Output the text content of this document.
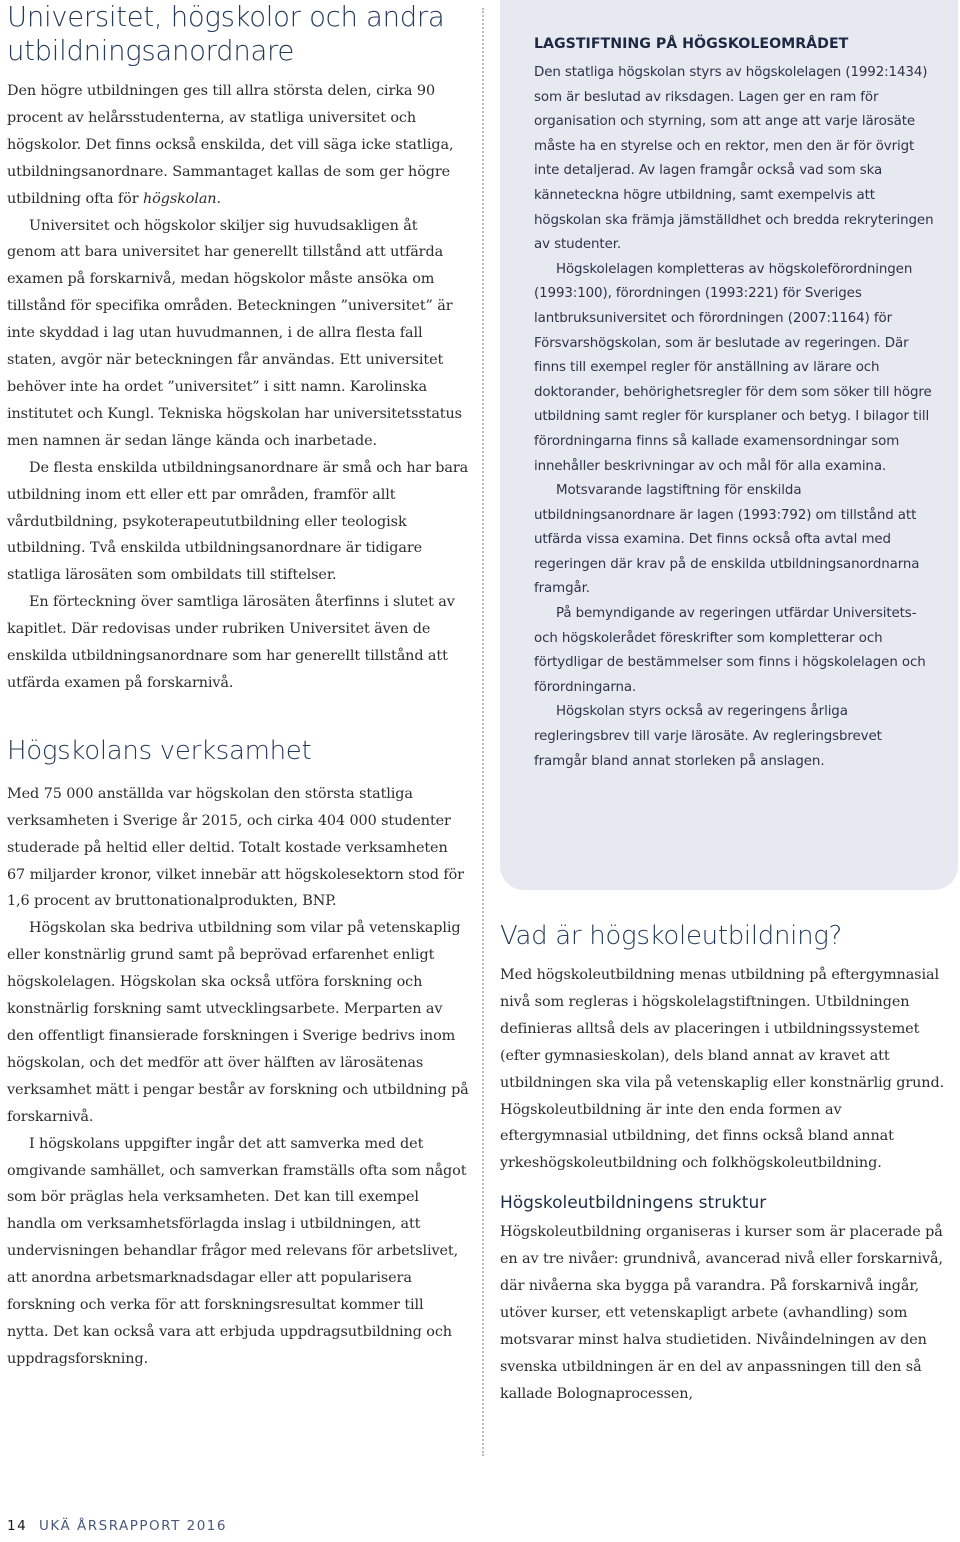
Universitet, högskolor och andra utbildningsanordnare

Den högre utbildningen ges till allra största delen, cirka 90 procent av helårsstudenterna, av statliga universitet och högskolor. Det finns också enskilda, det vill säga icke statliga, utbildningsanordnare. Sammantaget kallas de som ger högre utbildning ofta för högskolan.

Universitet och högskolor skiljer sig huvudsakligen åt genom att bara universitet har generellt tillstånd att utfärda examen på forskarnivå, medan högskolor måste ansöka om tillstånd för specifika områden. Beteckningen ”universitet” är inte skyddad i lag utan huvudmannen, i de allra flesta fall staten, avgör när beteckningen får användas. Ett universitet behöver inte ha ordet ”universitet” i sitt namn. Karolinska institutet och Kungl. Tekniska högskolan har universitetsstatus men namnen är sedan länge kända och inarbetade.

De flesta enskilda utbildningsanordnare är små och har bara utbildning inom ett eller ett par områden, framför allt vårdutbildning, psykoterapeututbildning eller teologisk utbildning. Två enskilda utbildningsanordnare är tidigare statliga lärosäten som ombildats till stiftelser.

En förteckning över samtliga lärosäten återfinns i slutet av kapitlet. Där redovisas under rubriken Universitet även de enskilda utbildningsanordnare som har generellt tillstånd att utfärda examen på forskarnivå.

Högskolans verksamhet

Med 75 000 anställda var högskolan den största statliga verksamheten i Sverige år 2015, och cirka 404 000 studenter studerade på heltid eller deltid. Totalt kostade verksamheten 67 miljarder kronor, vilket innebär att högskolesektorn stod för 1,6 procent av bruttonationalprodukten, BNP.

Högskolan ska bedriva utbildning som vilar på vetenskaplig eller konstnärlig grund samt på beprövad erfarenhet enligt högskolelagen. Högskolan ska också utföra forskning och konstnärlig forskning samt utvecklingsarbete. Merparten av den offentligt finansierade forskningen i Sverige bedrivs inom högskolan, och det medför att över hälften av lärosätenas verksamhet mätt i pengar består av forskning och utbildning på forskarnivå.

I högskolans uppgifter ingår det att samverka med det omgivande samhället, och samverkan framställs ofta som något som bör präglas hela verksamheten. Det kan till exempel handla om verksamhetsförlagda inslag i utbildningen, att undervisningen behandlar frågor med relevans för arbetslivet, att anordna arbetsmarknadsdagar eller att popularisera forskning och verka för att forskningsresultat kommer till nytta. Det kan också vara att erbjuda uppdragsutbildning och uppdragsforskning.

LAGSTIFTNING PÅ HÖGSKOLEOMRÅDET

Den statliga högskolan styrs av högskolelagen (1992:1434) som är beslutad av riksdagen. Lagen ger en ram för organisation och styrning, som att ange att varje lärosäte måste ha en styrelse och en rektor, men den är för övrigt inte detaljerad. Av lagen framgår också vad som ska känneteckna högre utbildning, samt exempelvis att högskolan ska främja jämställdhet och bredda rekryteringen av studenter.

Högskolelagen kompletteras av högskoleförordningen (1993:100), förordningen (1993:221) för Sveriges lantbruksuniversitet och förordningen (2007:1164) för Försvarshögskolan, som är beslutade av regeringen. Där finns till exempel regler för anställning av lärare och doktorander, behörighetsregler för dem som söker till högre utbildning samt regler för kursplaner och betyg. I bilagor till förordningarna finns så kallade examensordningar som innehåller beskrivningar av och mål för alla examina.

Motsvarande lagstiftning för enskilda utbildningsanordnare är lagen (1993:792) om tillstånd att utfärda vissa examina. Det finns också ofta avtal med regeringen där krav på de enskilda utbildningsanordnarna framgår.

På bemyndigande av regeringen utfärdar Universitets- och högskolerådet föreskrifter som kompletterar och förtydligar de bestämmelser som finns i högskolelagen och förordningarna.

Högskolan styrs också av regeringens årliga regleringsbrev till varje lärosäte. Av regleringsbrevet framgår bland annat storleken på anslagen.

Vad är högskoleutbildning?

Med högskoleutbildning menas utbildning på eftergymnasial nivå som regleras i högskolelagstiftningen. Utbildningen definieras alltså dels av placeringen i utbildningssystemet (efter gymnasieskolan), dels bland annat av kravet att utbildningen ska vila på vetenskaplig eller konstnärlig grund. Högskoleutbildning är inte den enda formen av eftergymnasial utbildning, det finns också bland annat yrkeshögskoleutbildning och folkhögskoleutbildning.

Högskoleutbildningens struktur

Högskoleutbildning organiseras i kurser som är placerade på en av tre nivåer: grundnivå, avancerad nivå eller forskarnivå, där nivåerna ska bygga på varandra. På forskarnivå ingår, utöver kurser, ett vetenskapligt arbete (avhandling) som motsvarar minst halva studietiden. Nivåindelningen av den svenska utbildningen är en del av anpassningen till den så kallade Bolognaprocessen,

14 UKÄ ÅRSRAPPORT 2016
